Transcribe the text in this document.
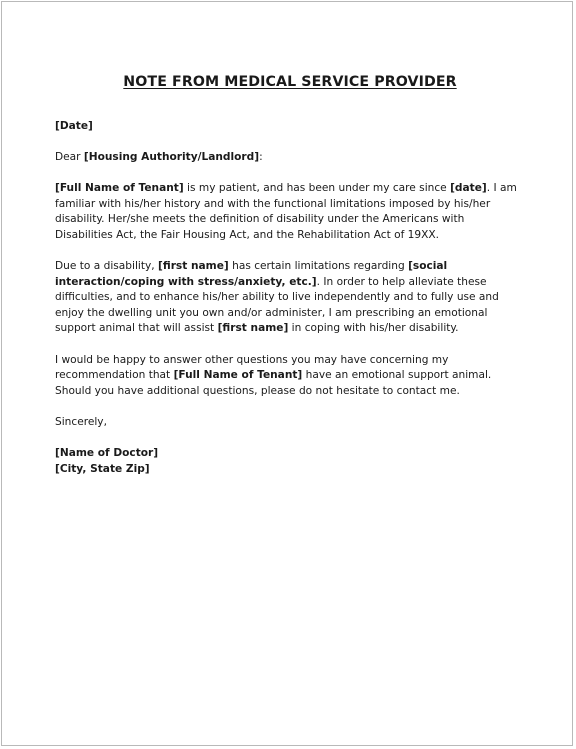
NOTE FROM MEDICAL SERVICE PROVIDER

[Date]

Dear [Housing Authority/Landlord]:

[Full Name of Tenant] is my patient, and has been under my care since [date]. I am familiar with his/her history and with the functional limitations imposed by his/her disability. Her/she meets the definition of disability under the Americans with Disabilities Act, the Fair Housing Act, and the Rehabilitation Act of 19XX.

Due to a disability, [first name] has certain limitations regarding [social interaction/coping with stress/anxiety, etc.]. In order to help alleviate these difficulties, and to enhance his/her ability to live independently and to fully use and enjoy the dwelling unit you own and/or administer, I am prescribing an emotional support animal that will assist [first name] in coping with his/her disability.

I would be happy to answer other questions you may have concerning my recommendation that [Full Name of Tenant] have an emotional support animal. Should you have additional questions, please do not hesitate to contact me.

Sincerely,

[Name of Doctor]

[City, State Zip]
